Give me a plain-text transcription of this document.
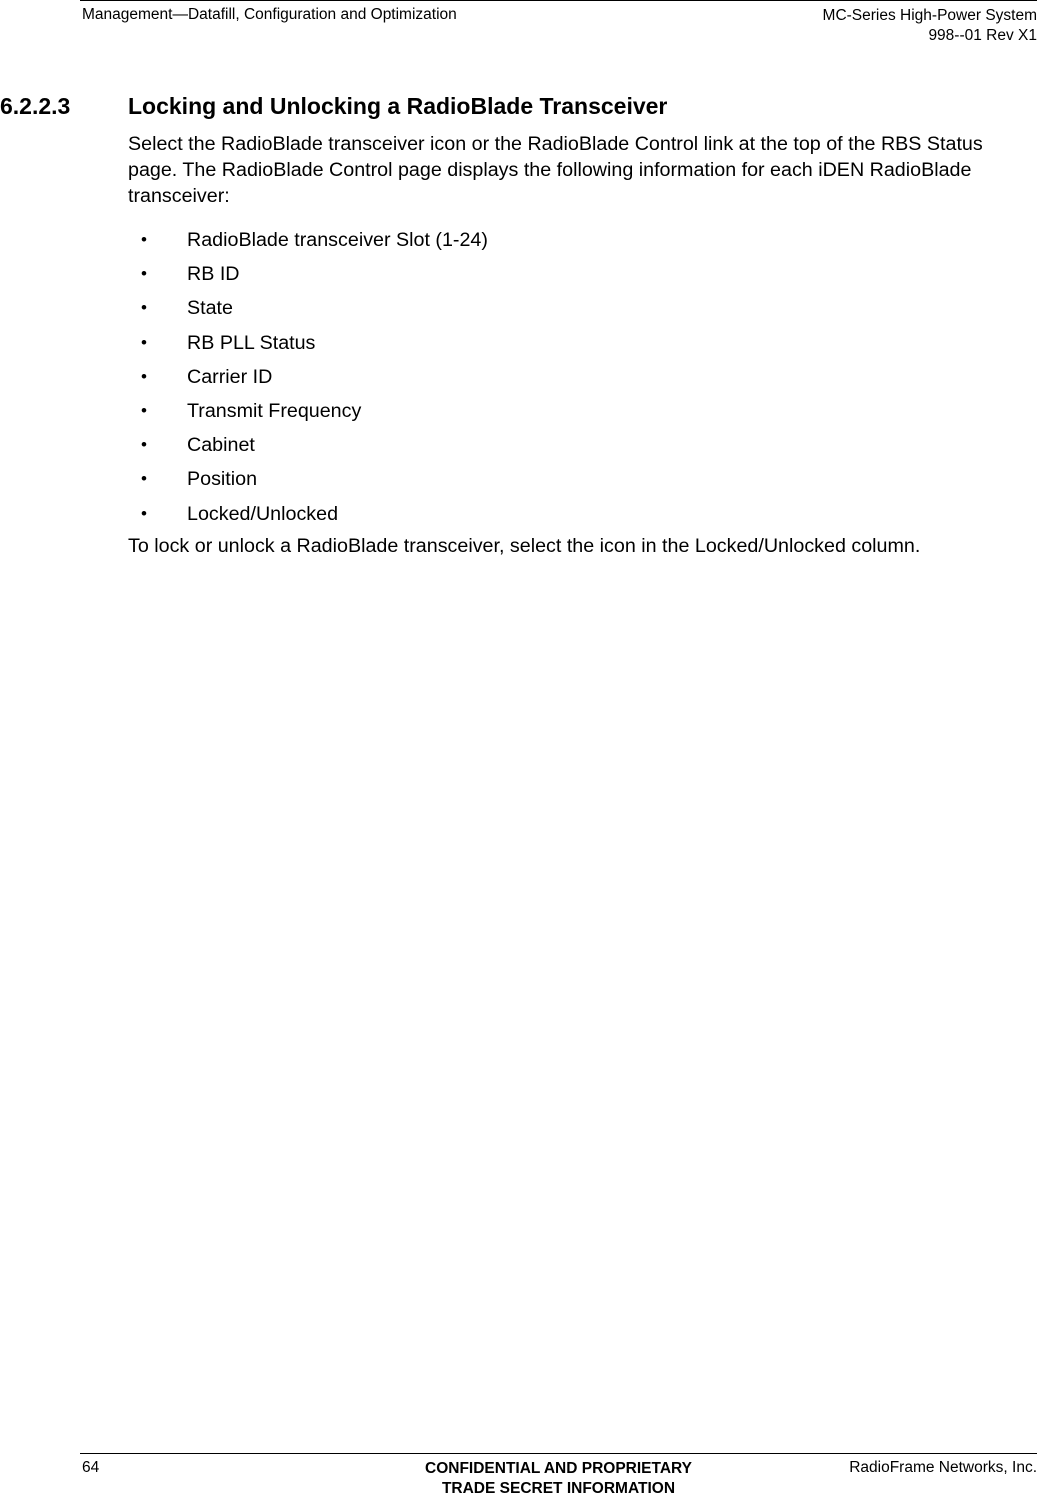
Management—Datafill, Configuration and Optimization	MC-Series High-Power System
998--01 Rev X1
6.2.2.3	Locking and Unlocking a RadioBlade Transceiver

Select the RadioBlade transceiver icon or the RadioBlade Control link at the top of the RBS Status page. The RadioBlade Control page displays the following information for each iDEN RadioBlade transceiver:

• RadioBlade transceiver Slot (1-24)
• RB ID
• State
• RB PLL Status
• Carrier ID
• Transmit Frequency
• Cabinet
• Position
• Locked/Unlocked

To lock or unlock a RadioBlade transceiver, select the icon in the Locked/Unlocked column.

64	CONFIDENTIAL AND PROPRIETARY
TRADE SECRET INFORMATION
RadioFrame Networks, Inc.
